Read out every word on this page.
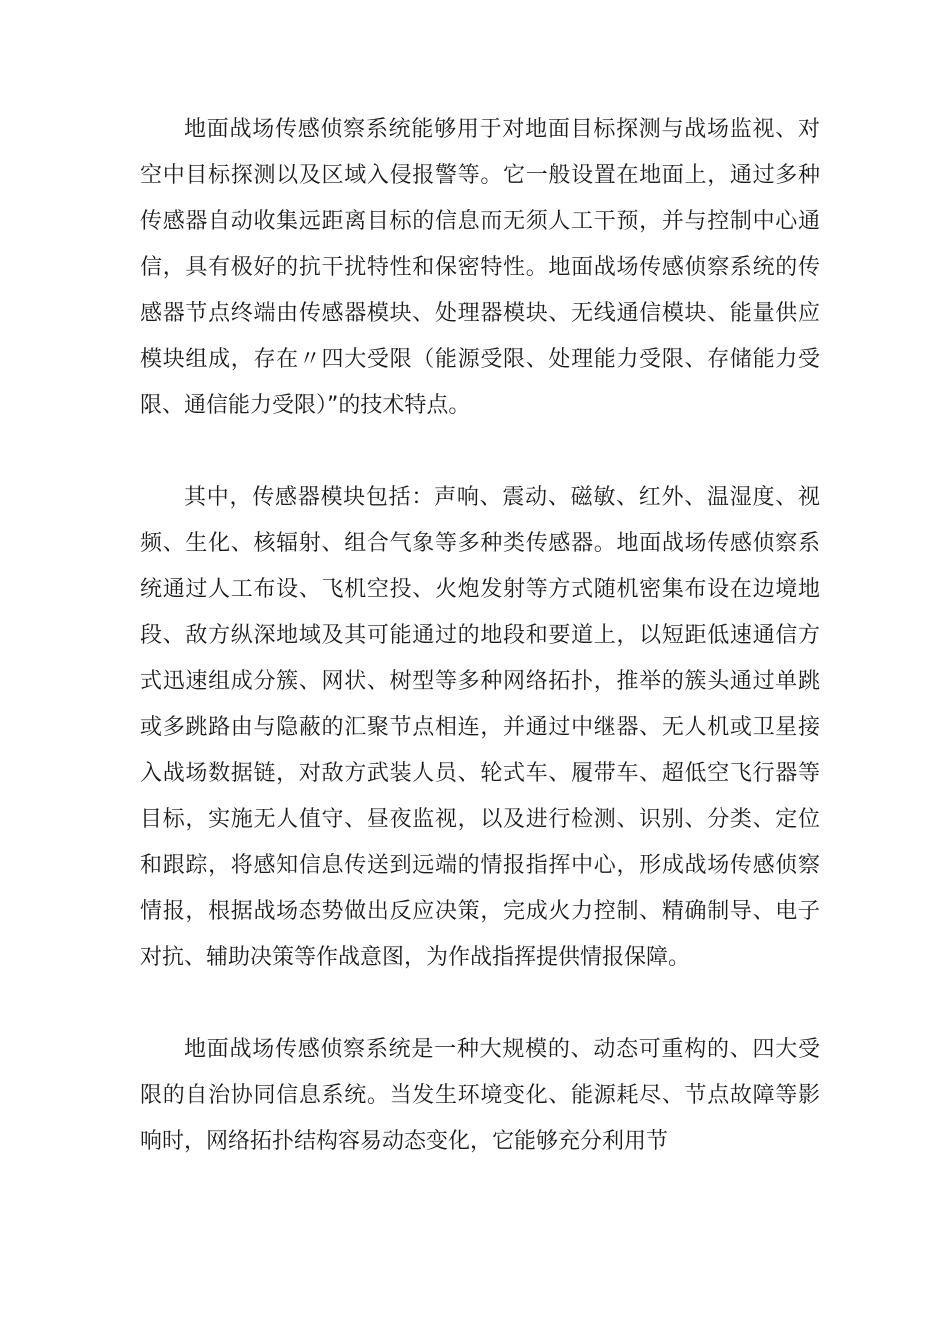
地面战场传感侦察系统能够用于对地面目标探测与战场监视、对空中目标探测以及区域入侵报警等。它一般设置在地面上，通过多种传感器自动收集远距离目标的信息而无须人工干预，并与控制中心通信，具有极好的抗干扰特性和保密特性。地面战场传感侦察系统的传感器节点终端由传感器模块、处理器模块、无线通信模块、能量供应模块组成，存在〃四大受限（能源受限、处理能力受限、存储能力受限、通信能力受限）”的技术特点。

其中，传感器模块包括：声响、震动、磁敏、红外、温湿度、视频、生化、核辐射、组合气象等多种类传感器。地面战场传感侦察系统通过人工布设、飞机空投、火炮发射等方式随机密集布设在边境地段、敌方纵深地域及其可能通过的地段和要道上，以短距低速通信方式迅速组成分簇、网状、树型等多种网络拓扑，推举的簇头通过单跳或多跳路由与隐蔽的汇聚节点相连，并通过中继器、无人机或卫星接入战场数据链，对敌方武装人员、轮式车、履带车、超低空飞行器等目标，实施无人值守、昼夜监视，以及进行检测、识别、分类、定位和跟踪，将感知信息传送到远端的情报指挥中心，形成战场传感侦察情报，根据战场态势做出反应决策，完成火力控制、精确制导、电子对抗、辅助决策等作战意图，为作战指挥提供情报保障。

地面战场传感侦察系统是一种大规模的、动态可重构的、四大受限的自治协同信息系统。当发生环境变化、能源耗尽、节点故障等影响时，网络拓扑结构容易动态变化，它能够充分利用节
